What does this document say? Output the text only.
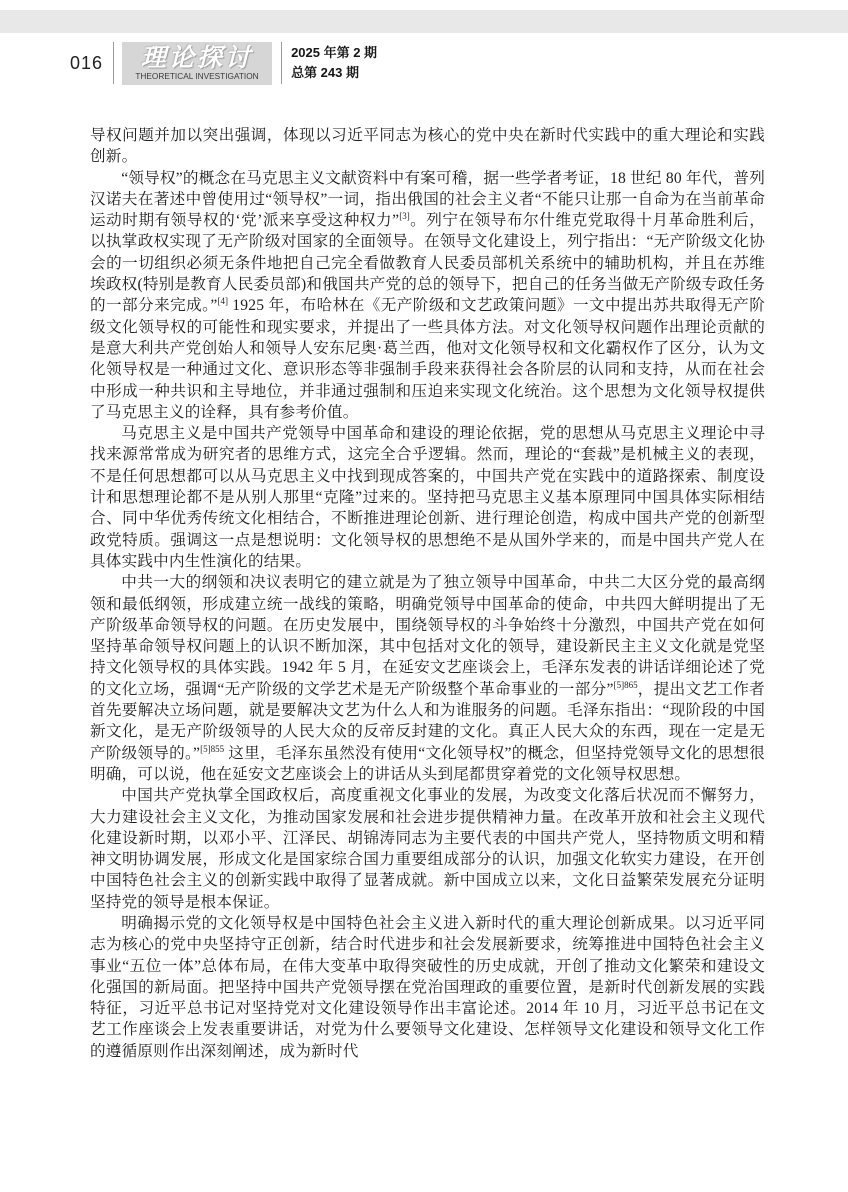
016	理论探讨
THEORETICAL INVESTIGATION
2025 年第 2 期
总第 243 期

导权问题并加以突出强调，体现以习近平同志为核心的党中央在新时代实践中的重大理论和实践创新。

“领导权”的概念在马克思主义文献资料中有案可稽，据一些学者考证，18 世纪 80 年代，普列汉诺夫在著述中曾使用过“领导权”一词，指出俄国的社会主义者“不能只让那一自命为在当前革命运动时期有领导权的‘党’派来享受这种权力”[3]。列宁在领导布尔什维克党取得十月革命胜利后，以执掌政权实现了无产阶级对国家的全面领导。在领导文化建设上，列宁指出：“无产阶级文化协会的一切组织必须无条件地把自己完全看做教育人民委员部机关系统中的辅助机构，并且在苏维埃政权(特别是教育人民委员部)和俄国共产党的总的领导下，把自己的任务当做无产阶级专政任务的一部分来完成。”[4] 1925 年，布哈林在《无产阶级和文艺政策问题》一文中提出苏共取得无产阶级文化领导权的可能性和现实要求，并提出了一些具体方法。对文化领导权问题作出理论贡献的是意大利共产党创始人和领导人安东尼奥·葛兰西，他对文化领导权和文化霸权作了区分，认为文化领导权是一种通过文化、意识形态等非强制手段来获得社会各阶层的认同和支持，从而在社会中形成一种共识和主导地位，并非通过强制和压迫来实现文化统治。这个思想为文化领导权提供了马克思主义的诠释，具有参考价值。

马克思主义是中国共产党领导中国革命和建设的理论依据，党的思想从马克思主义理论中寻找来源常常成为研究者的思维方式，这完全合乎逻辑。然而，理论的“套裁”是机械主义的表现，不是任何思想都可以从马克思主义中找到现成答案的，中国共产党在实践中的道路探索、制度设计和思想理论都不是从别人那里“克隆”过来的。坚持把马克思主义基本原理同中国具体实际相结合、同中华优秀传统文化相结合，不断推进理论创新、进行理论创造，构成中国共产党的创新型政党特质。强调这一点是想说明：文化领导权的思想绝不是从国外学来的，而是中国共产党人在具体实践中内生性演化的结果。

中共一大的纲领和决议表明它的建立就是为了独立领导中国革命，中共二大区分党的最高纲领和最低纲领，形成建立统一战线的策略，明确党领导中国革命的使命，中共四大鲜明提出了无产阶级革命领导权的问题。在历史发展中，围绕领导权的斗争始终十分激烈，中国共产党在如何坚持革命领导权问题上的认识不断加深，其中包括对文化的领导，建设新民主主义文化就是党坚持文化领导权的具体实践。1942 年 5 月，在延安文艺座谈会上，毛泽东发表的讲话详细论述了党的文化立场，强调“无产阶级的文学艺术是无产阶级整个革命事业的一部分”$^{[5]865}$，提出文艺工作者首先要解决立场问题，就是要解决文艺为什么人和为谁服务的问题。毛泽东指出：“现阶段的中国新文化，是无产阶级领导的人民大众的反帝反封建的文化。真正人民大众的东西，现在一定是无产阶级领导的。”$^{[5]855}$ 这里，毛泽东虽然没有使用“文化领导权”的概念，但坚持党领导文化的思想很明确，可以说，他在延安文艺座谈会上的讲话从头到尾都贯穿着党的文化领导权思想。

中国共产党执掌全国政权后，高度重视文化事业的发展，为改变文化落后状况而不懈努力，大力建设社会主义文化，为推动国家发展和社会进步提供精神力量。在改革开放和社会主义现代化建设新时期，以邓小平、江泽民、胡锦涛同志为主要代表的中国共产党人，坚持物质文明和精神文明协调发展，形成文化是国家综合国力重要组成部分的认识，加强文化软实力建设，在开创中国特色社会主义的创新实践中取得了显著成就。新中国成立以来，文化日益繁荣发展充分证明坚持党的领导是根本保证。

明确揭示党的文化领导权是中国特色社会主义进入新时代的重大理论创新成果。以习近平同志为核心的党中央坚持守正创新，结合时代进步和社会发展新要求，统筹推进中国特色社会主义事业“五位一体”总体布局，在伟大变革中取得突破性的历史成就，开创了推动文化繁荣和建设文化强国的新局面。把坚持中国共产党领导摆在党治国理政的重要位置，是新时代创新发展的实践特征，习近平总书记对坚持党对文化建设领导作出丰富论述。2014 年 10 月，习近平总书记在文艺工作座谈会上发表重要讲话，对党为什么要领导文化建设、怎样领导文化建设和领导文化工作的遵循原则作出深刻阐述，成为新时代
